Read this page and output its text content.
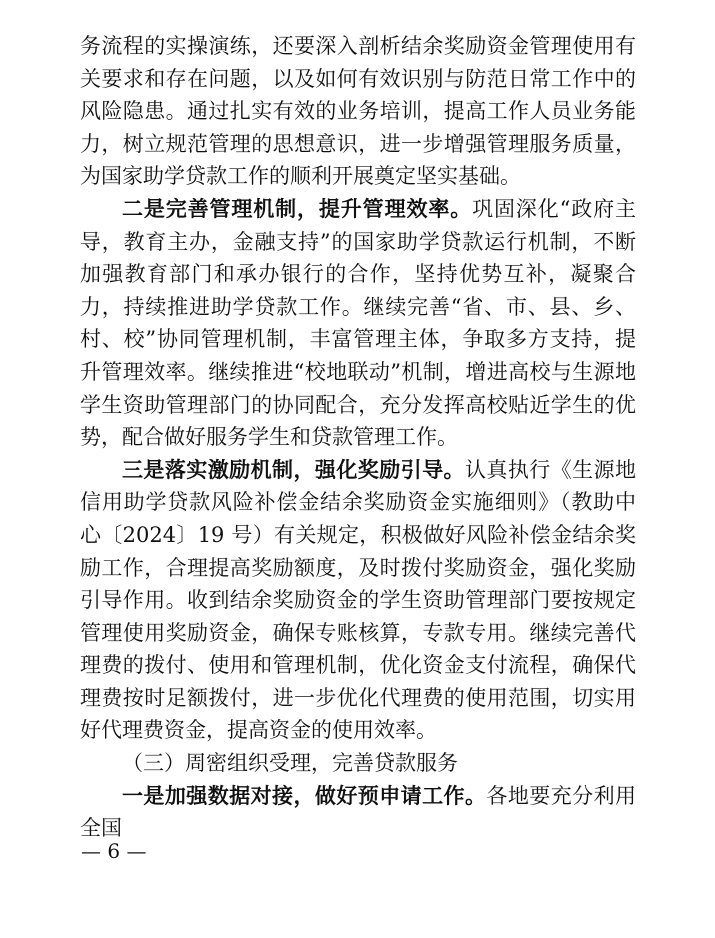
务流程的实操演练，还要深入剖析结余奖励资金管理使用有关要求和存在问题，以及如何有效识别与防范日常工作中的风险隐患。通过扎实有效的业务培训，提高工作人员业务能力，树立规范管理的思想意识，进一步增强管理服务质量，为国家助学贷款工作的顺利开展奠定坚实基础。

二是完善管理机制，提升管理效率。巩固深化“政府主导，教育主办，金融支持”的国家助学贷款运行机制，不断加强教育部门和承办银行的合作，坚持优势互补，凝聚合力，持续推进助学贷款工作。继续完善“省、市、县、乡、村、校”协同管理机制，丰富管理主体，争取多方支持，提升管理效率。继续推进“校地联动”机制，增进高校与生源地学生资助管理部门的协同配合，充分发挥高校贴近学生的优势，配合做好服务学生和贷款管理工作。

三是落实激励机制，强化奖励引导。认真执行《生源地信用助学贷款风险补偿金结余奖励资金实施细则》（教助中心〔2024〕19 号）有关规定，积极做好风险补偿金结余奖励工作，合理提高奖励额度，及时拨付奖励资金，强化奖励引导作用。收到结余奖励资金的学生资助管理部门要按规定管理使用奖励资金，确保专账核算，专款专用。继续完善代理费的拨付、使用和管理机制，优化资金支付流程，确保代理费按时足额拨付，进一步优化代理费的使用范围，切实用好代理费资金，提高资金的使用效率。

（三）周密组织受理，完善贷款服务

一是加强数据对接，做好预申请工作。各地要充分利用全国

— 6 —
